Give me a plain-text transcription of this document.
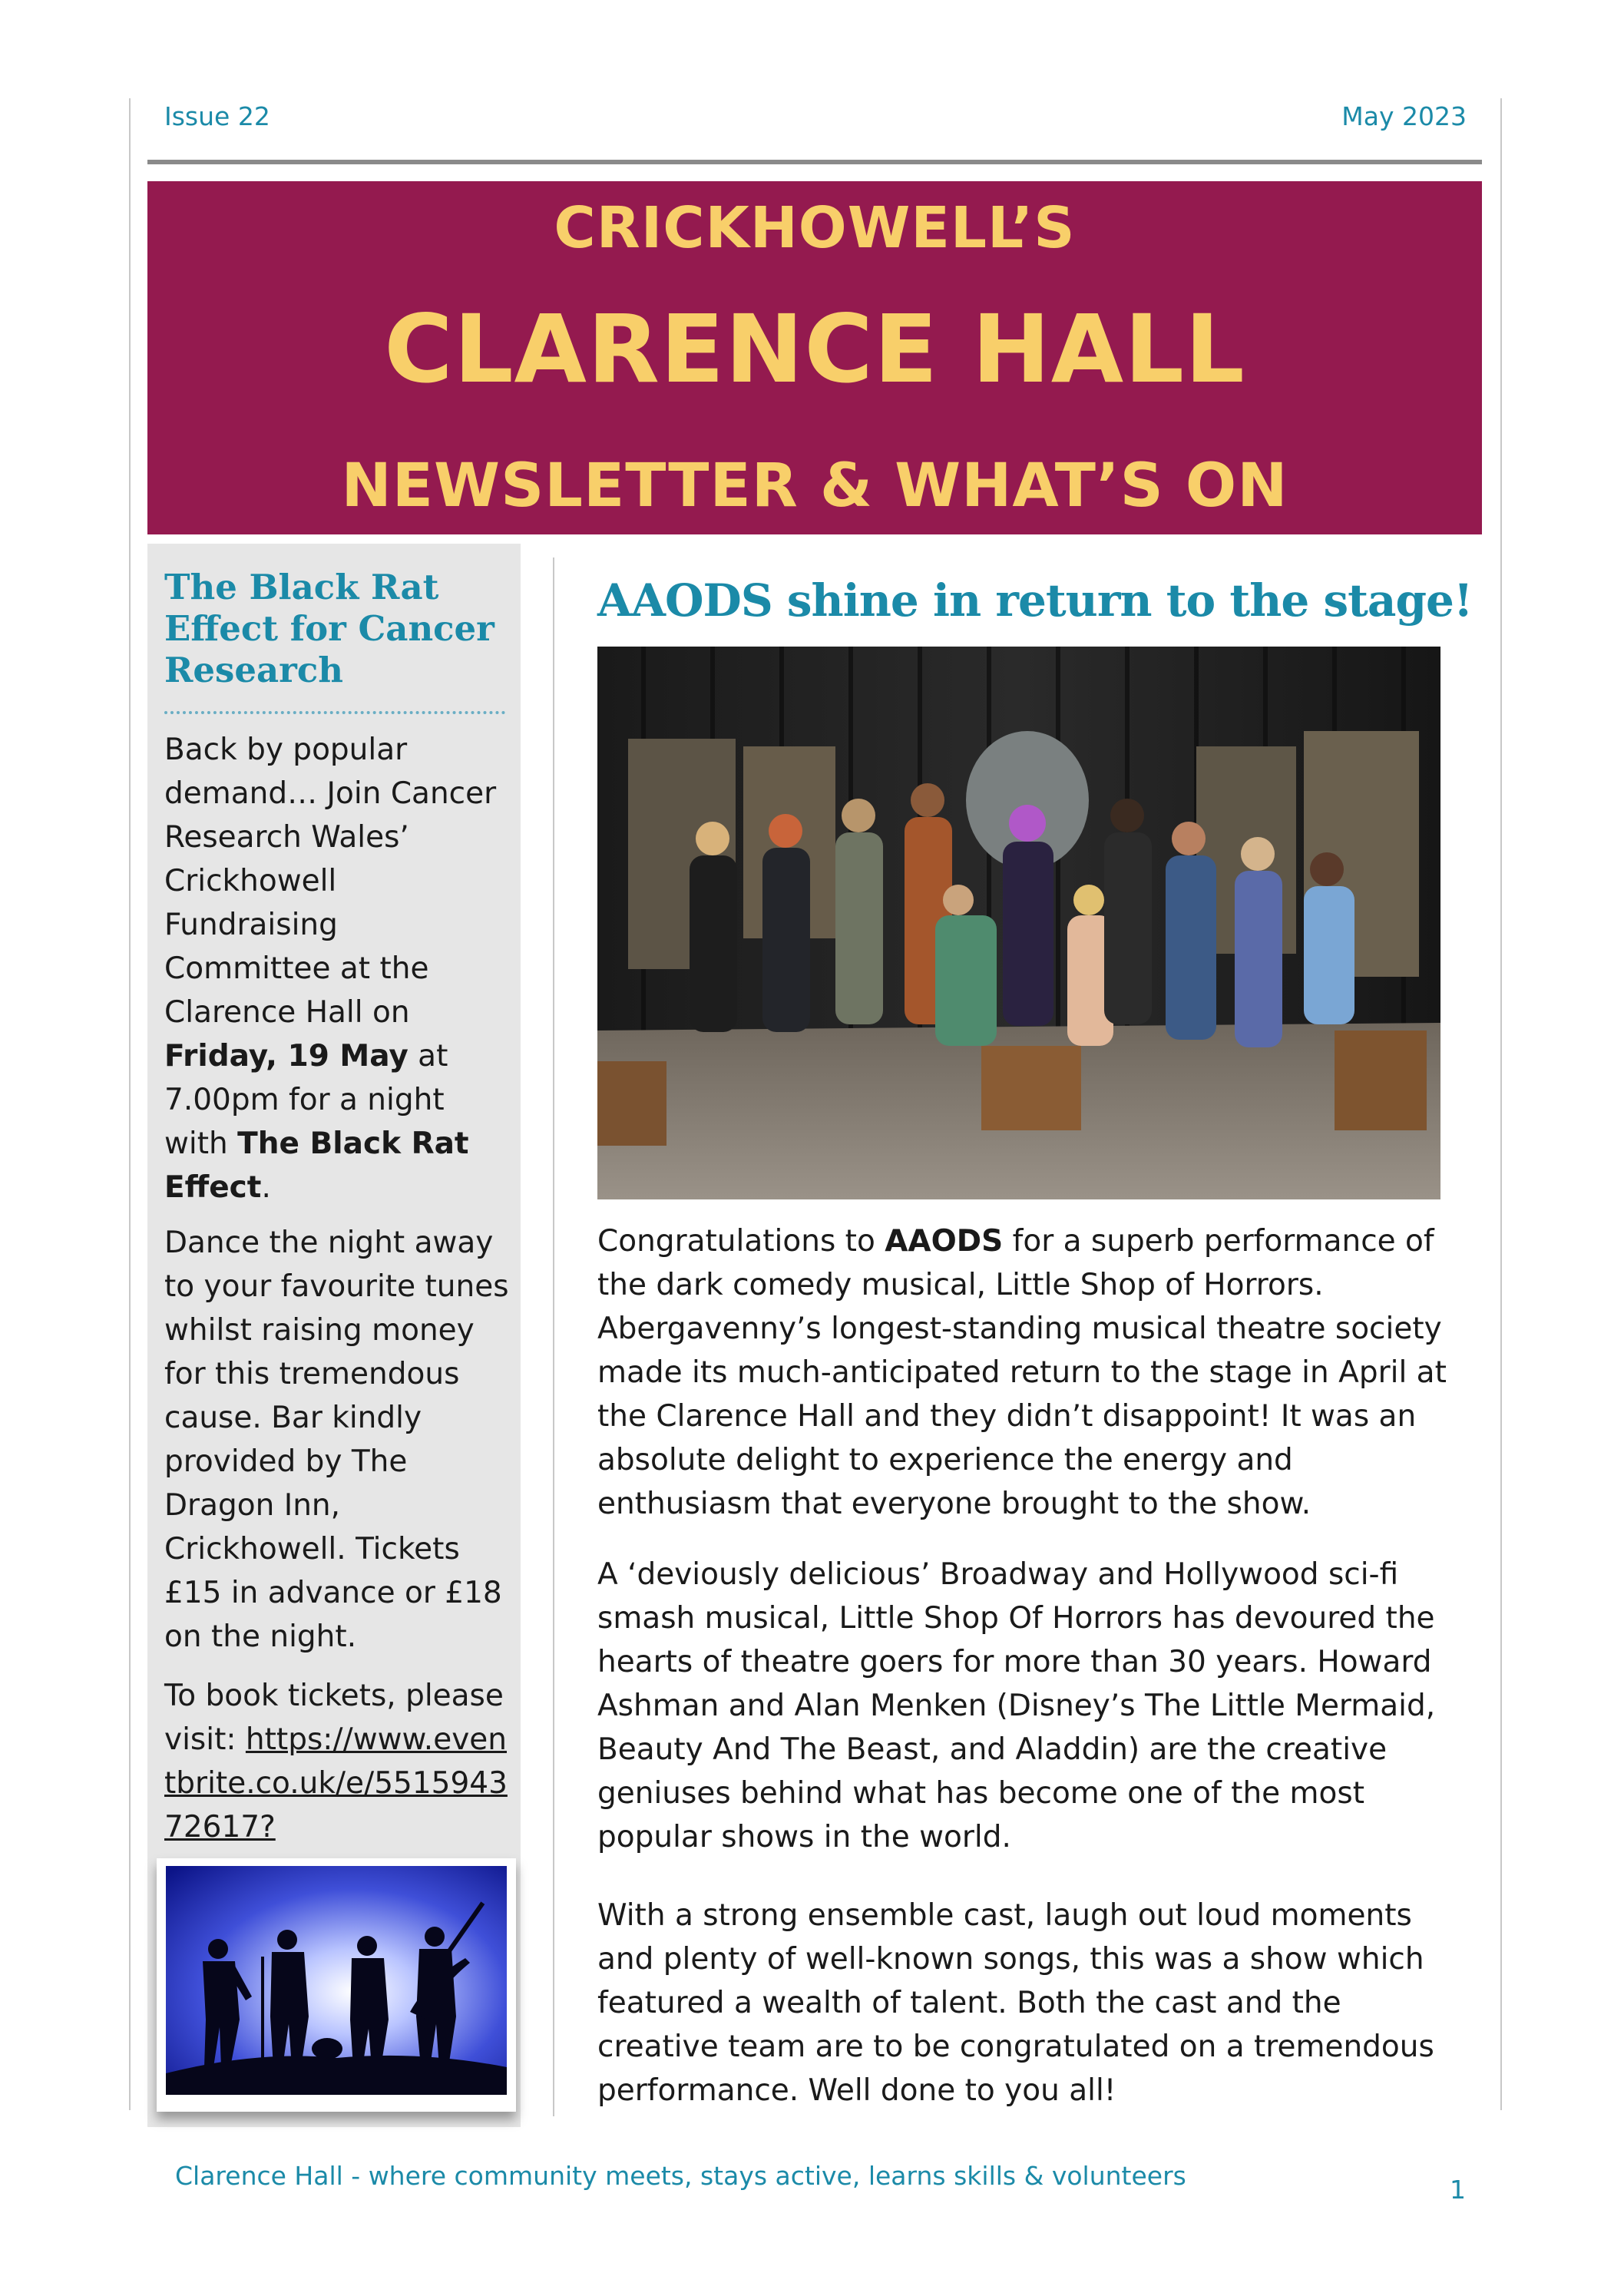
Issue 22	May 2023
CRICKHOWELL’S
CLARENCE HALL
NEWSLETTER & WHAT’S ON
The Black Rat Effect for Cancer Research
Back by popular demand… Join Cancer Research Wales’ Crickhowell Fundraising Committee at the Clarence Hall on Friday, 19 May at 7.00pm for a night with The Black Rat Effect.
Dance the night away to your favourite tunes whilst raising money for this tremendous cause. Bar kindly provided by The Dragon Inn, Crickhowell. Tickets £15 in advance or £18 on the night.
To book tickets, please visit: https://www.eventbrite.co.uk/e/551594372617?
AAODS shine in return to the stage!
Congratulations to AAODS for a superb performance of the dark comedy musical, Little Shop of Horrors. Abergavenny’s longest-standing musical theatre society made its much-anticipated return to the stage in April at the Clarence Hall and they didn’t disappoint! It was an absolute delight to experience the energy and enthusiasm that everyone brought to the show.
A ‘deviously delicious’ Broadway and Hollywood sci-fi smash musical, Little Shop Of Horrors has devoured the hearts of theatre goers for more than 30 years. Howard Ashman and Alan Menken (Disney’s The Little Mermaid, Beauty And The Beast, and Aladdin) are the creative geniuses behind what has become one of the most popular shows in the world.
With a strong ensemble cast, laugh out loud moments and plenty of well-known songs, this was a show which featured a wealth of talent. Both the cast and the creative team are to be congratulated on a tremendous performance. Well done to you all!
Clarence Hall - where community meets, stays active, learns skills & volunteers	1
